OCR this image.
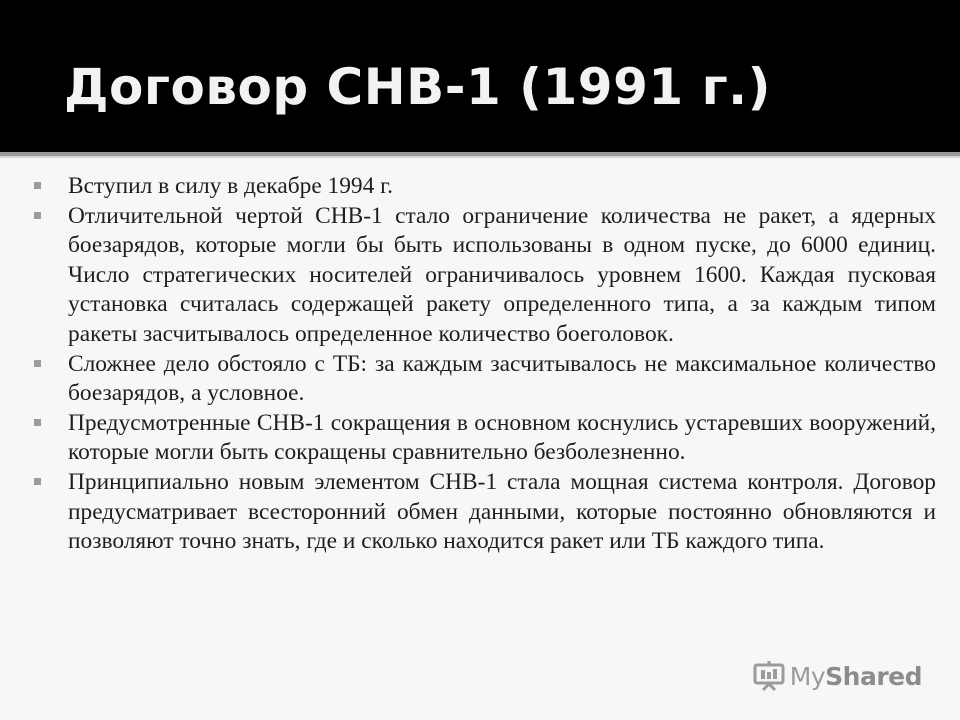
Договор СНВ-1 (1991 г.)
Вступил в силу в декабре 1994 г.
Отличительной чертой СНВ-1 стало ограничение количества не ракет, а ядерных боезарядов, которые могли бы быть использованы в одном пуске, до 6000 единиц. Число стратегических носителей ограничивалось уровнем 1600. Каждая пусковая установка считалась содержащей ракету определенного типа, а за каждым типом ракеты засчитывалось определенное количество боеголовок.
Сложнее дело обстояло с ТБ: за каждым засчитывалось не максимальное количество боезарядов, а условное.
Предусмотренные СНВ-1 сокращения в основном коснулись устаревших вооружений, которые могли быть сокращены сравнительно безболезненно.
Принципиально новым элементом СНВ-1 стала мощная система контроля. Договор предусматривает всесторонний обмен данными, которые постоянно обновляются и позволяют точно знать, где и сколько находится ракет или ТБ каждого типа.
MyShared
